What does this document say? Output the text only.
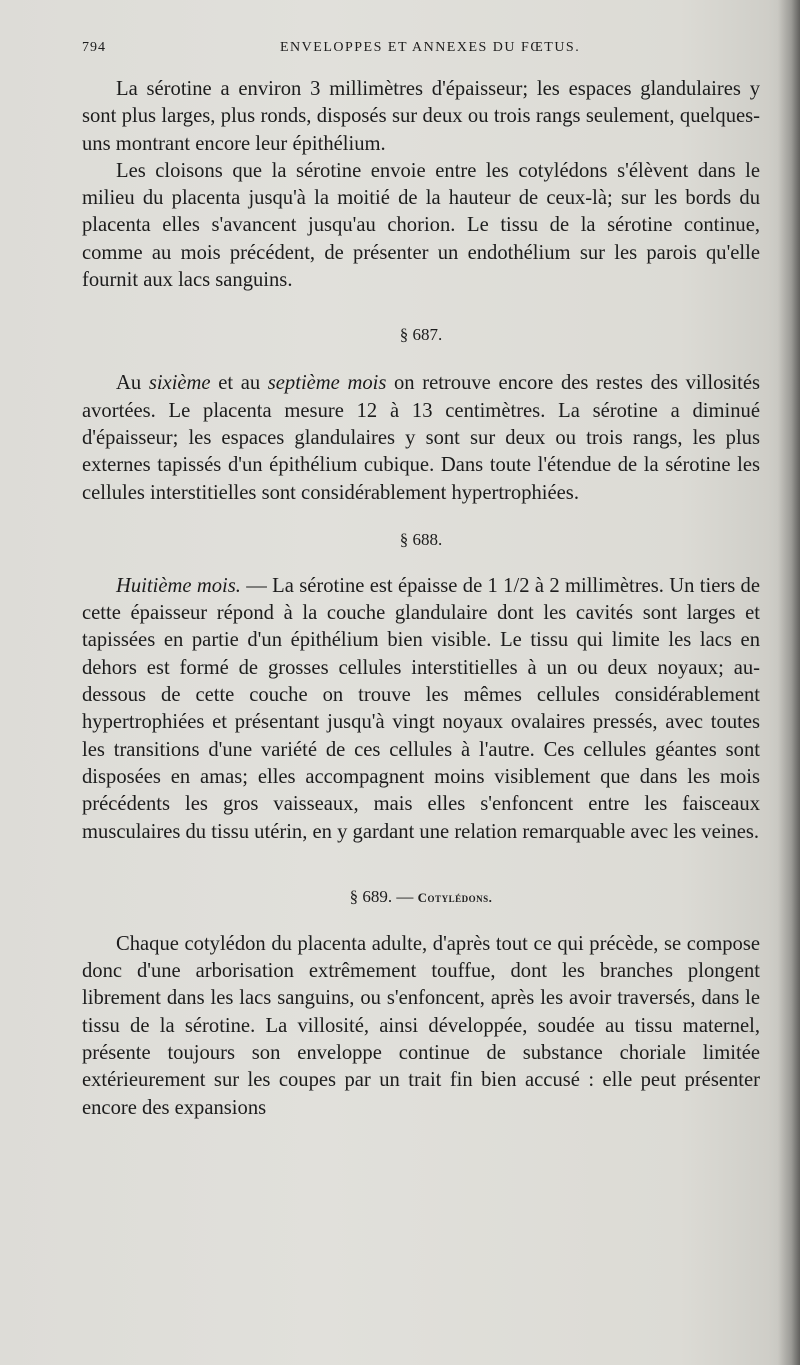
794	ENVELOPPES ET ANNEXES DU FŒTUS.

La sérotine a environ 3 millimètres d'épaisseur; les espaces glandulaires y sont plus larges, plus ronds, disposés sur deux ou trois rangs seulement, quelques-uns montrant encore leur épithélium.

Les cloisons que la sérotine envoie entre les cotylédons s'élèvent dans le milieu du placenta jusqu'à la moitié de la hauteur de ceux-là; sur les bords du placenta elles s'avancent jusqu'au chorion. Le tissu de la sérotine continue, comme au mois précédent, de présenter un endothélium sur les parois qu'elle fournit aux lacs sanguins.

§ 687.

Au sixième et au septième mois on retrouve encore des restes des villosités avortées. Le placenta mesure 12 à 13 centimètres. La sérotine a diminué d'épaisseur; les espaces glandulaires y sont sur deux ou trois rangs, les plus externes tapissés d'un épithélium cubique. Dans toute l'étendue de la sérotine les cellules interstitielles sont considérablement hypertrophiées.

§ 688.

Huitième mois. — La sérotine est épaisse de 1 1/2 à 2 millimètres. Un tiers de cette épaisseur répond à la couche glandulaire dont les cavités sont larges et tapissées en partie d'un épithélium bien visible. Le tissu qui limite les lacs en dehors est formé de grosses cellules interstitielles à un ou deux noyaux; au-dessous de cette couche on trouve les mêmes cellules considérablement hypertrophiées et présentant jusqu'à vingt noyaux ovalaires pressés, avec toutes les transitions d'une variété de ces cellules à l'autre. Ces cellules géantes sont disposées en amas; elles accompagnent moins visiblement que dans les mois précédents les gros vaisseaux, mais elles s'enfoncent entre les faisceaux musculaires du tissu utérin, en y gardant une relation remarquable avec les veines.

§ 689. — Cotylédons.

Chaque cotylédon du placenta adulte, d'après tout ce qui précède, se compose donc d'une arborisation extrêmement touffue, dont les branches plongent librement dans les lacs sanguins, ou s'enfoncent, après les avoir traversés, dans le tissu de la sérotine. La villosité, ainsi développée, soudée au tissu maternel, présente toujours son enveloppe continue de substance choriale limitée extérieurement sur les coupes par un trait fin bien accusé : elle peut présenter encore des expansions
